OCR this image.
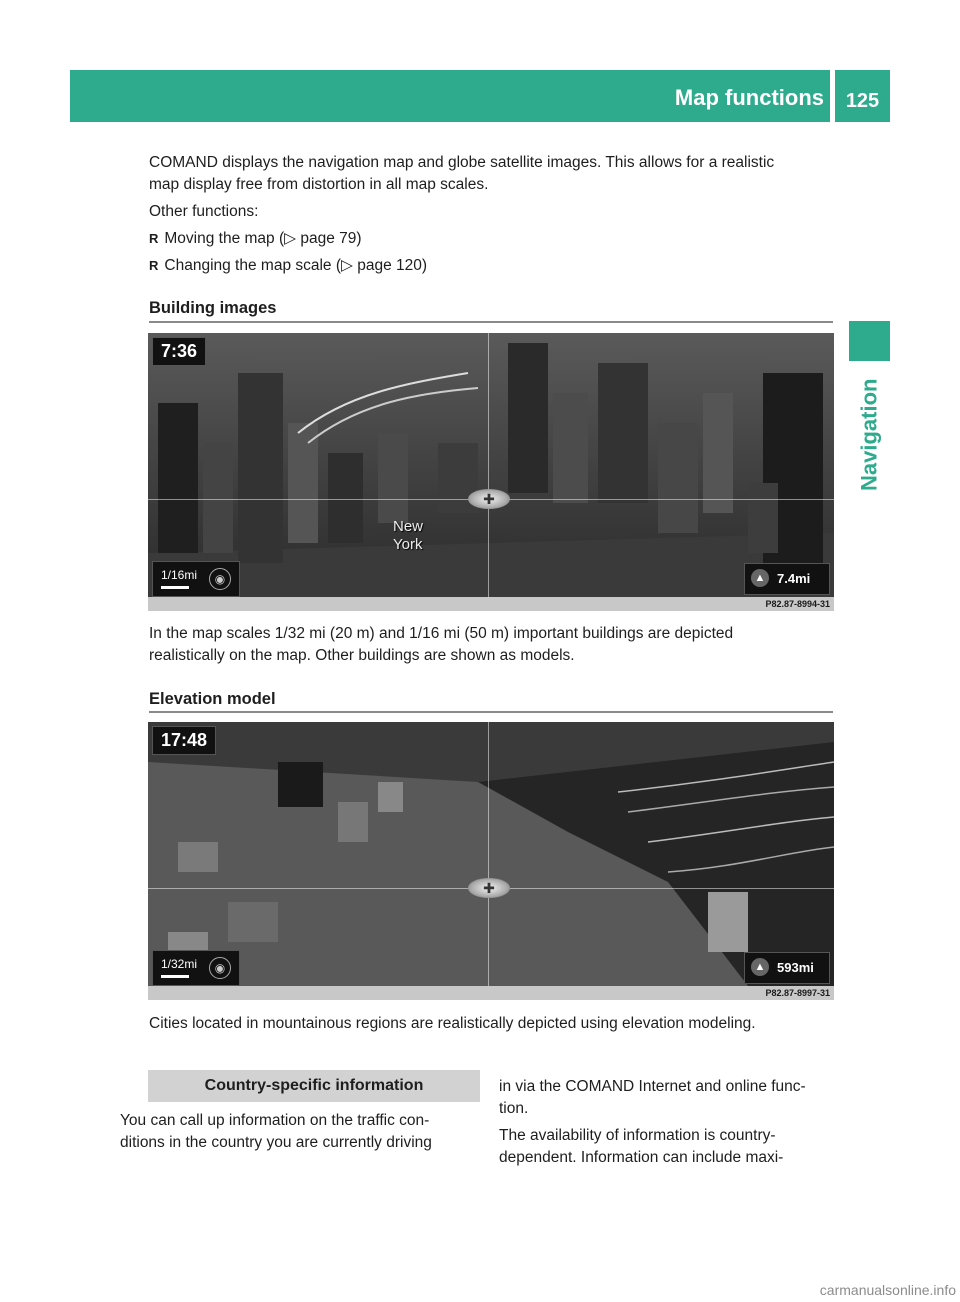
Map functions	125
Navigation
COMAND displays the navigation map and globe satellite images. This allows for a realistic
map display free from distortion in all map scales.
Other functions:
R Moving the map (▷ page 79)
R Changing the map scale (▷ page 120)
Building images
✚
7:36
New York
1/16mi	◉	▲ 7.4mi
P82.87-8994-31
In the map scales 1/32 mi (20 m) and 1/16 mi (50 m) important buildings are depicted
realistically on the map. Other buildings are shown as models.
Elevation model
✚
17:48
1/32mi	◉	▲ 593mi
P82.87-8997-31
Cities located in mountainous regions are realistically depicted using elevation modeling.
Country-specific information
You can call up information on the traffic con-
ditions in the country you are currently driving
in via the COMAND Internet and online func-
tion.
The availability of information is country-
dependent. Information can include maxi-
carmanualsonline.info
